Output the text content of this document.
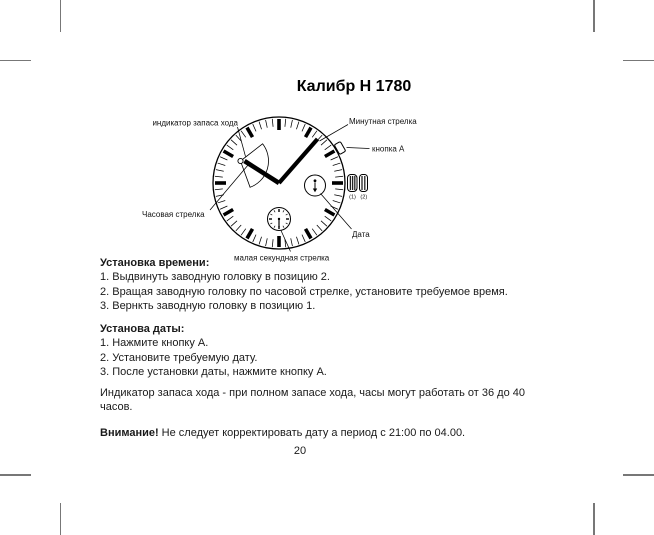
Калибр Н 1780
(1) (2)
индикатор запаса хода	Минутная стрелка
кнопка А
Часовая стрелка
Дата
малая секундная стрелка
Установка времени:
1. Выдвинуть заводную головку в позицию 2.
2. Вращая заводную головку по часовой стрелке, установите требуемое время.
3. Вернкть заводную головку в позицию 1.
Установа даты:
1. Нажмите кнопку А.
2. Установите требуемую дату.
3. После установки даты, нажмите кнопку А.
Индикатор запаса хода - при полном запасе хода, часы могут работать от 36 до 40 часов.
Внимание! Не следует корректировать дату а период с 21:00 по 04.00.
20
